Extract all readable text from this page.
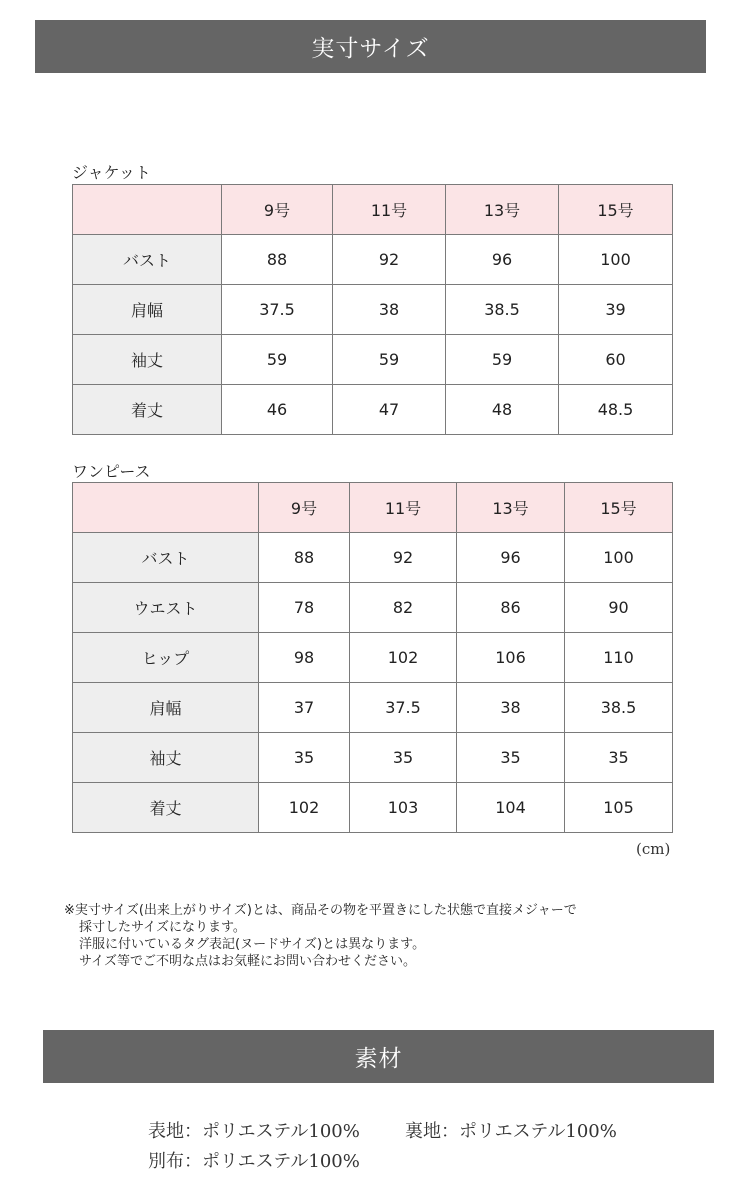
実寸サイズ
ジャケット
	9号	11号	13号	15号
バスト	88	92	96	100
肩幅	37.5	38	38.5	39
袖丈	59	59	59	60
着丈	46	47	48	48.5
ワンピース
	9号	11号	13号	15号
バスト	88	92	96	100
ウエスト	78	82	86	90
ヒップ	98	102	106	110
肩幅	37	37.5	38	38.5
袖丈	35	35	35	35
着丈	102	103	104	105
(cm)
※実寸サイズ(出来上がりサイズ)とは、商品その物を平置きにした状態で直接メジャーで
採寸したサイズになります。
洋服に付いているタグ表記(ヌードサイズ)とは異なります。
サイズ等でご不明な点はお気軽にお問い合わせください。
素材
表地：ポリエステル100%	裏地：ポリエステル100%
別布：ポリエステル100%
